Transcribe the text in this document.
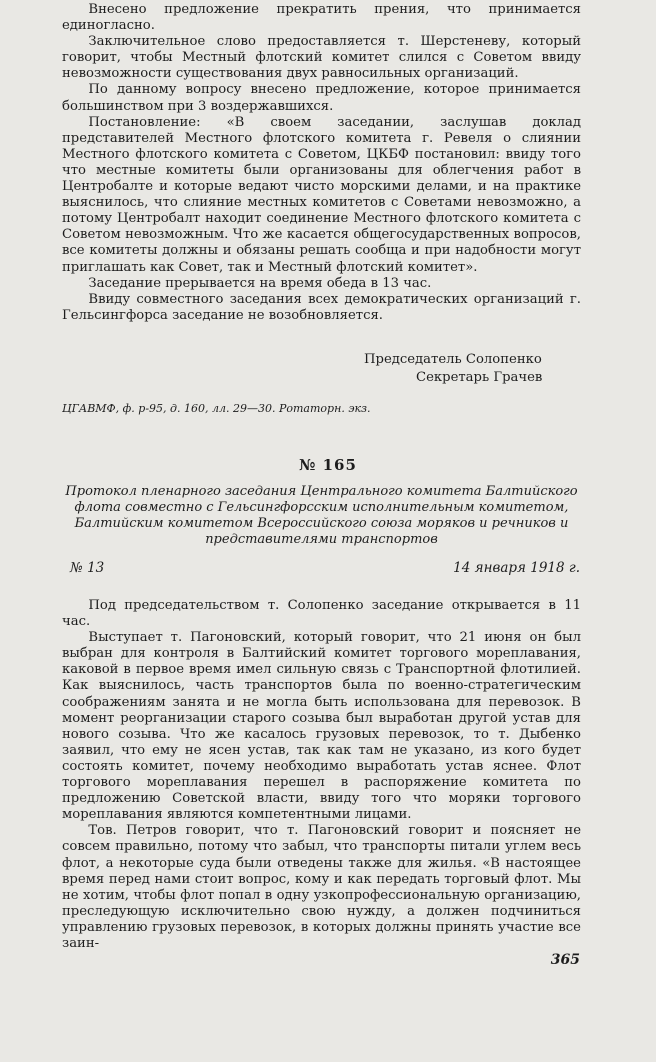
Внесено предложение прекратить прения, что принимается единогласно.

Заключительное слово предоставляется т. Шерстеневу, который говорит, чтобы Местный флотский комитет слился с Советом ввиду невозможности существования двух равносильных организаций.

По данному вопросу внесено предложение, которое принимается большинством при 3 воздержавшихся.

Постановление: «В своем заседании, заслушав доклад представителей Местного флотского комитета г. Ревеля о слиянии Местного флотского комитета с Советом, ЦКБФ постановил: ввиду того что местные комитеты были организованы для облегчения работ в Центробалте и которые ведают чисто морскими делами, и на практике выяснилось, что слияние местных комитетов с Советами невозможно, а потому Центробалт находит соединение Местного флотского комитета с Советом невозможным. Что же касается общегосударственных вопросов, все комитеты должны и обязаны решать сообща и при надобности могут приглашать как Совет, так и Местный флотский комитет».

Заседание прерывается на время обеда в 13 час.

Ввиду совместного заседания всех демократических организаций г. Гельсингфорса заседание не возобновляется.

Председатель Солопенко
Секретарь Грачев
ЦГАВМФ, ф. р-95, д. 160, лл. 29—30. Ротаторн. экз.
№ 165
Протокол пленарного заседания Центрального комитета Балтийского флота совместно с Гельсингфорсским исполнительным комитетом, Балтийским комитетом Всероссийского союза моряков и речников и представителями транспортов
№ 13	14 января 1918 г.

Под председательством т. Солопенко заседание открывается в 11 час.

Выступает т. Пагоновский, который говорит, что 21 июня он был выбран для контроля в Балтийский комитет торгового мореплавания, каковой в первое время имел сильную связь с Транспортной флотилией. Как выяснилось, часть транспортов была по военно-стратегическим соображениям занята и не могла быть использована для перевозок. В момент реорганизации старого созыва был выработан другой устав для нового созыва. Что же касалось грузовых перевозок, то т. Дыбенко заявил, что ему не ясен устав, так как там не указано, из кого будет состоять комитет, почему необходимо выработать устав яснее. Флот торгового мореплавания перешел в распоряжение комитета по предложению Советской власти, ввиду того что моряки торгового мореплавания являются компетентными лицами.

Тов. Петров говорит, что т. Пагоновский говорит и поясняет не совсем правильно, потому что забыл, что транспорты питали углем весь флот, а некоторые суда были отведены также для жилья. «В настоящее время перед нами стоит вопрос, кому и как передать торговый флот. Мы не хотим, чтобы флот попал в одну узкопрофессиональную организацию, преследующую исключительно свою нужду, а должен подчиниться управлению грузовых перевозок, в которых должны принять участие все заин-

365
